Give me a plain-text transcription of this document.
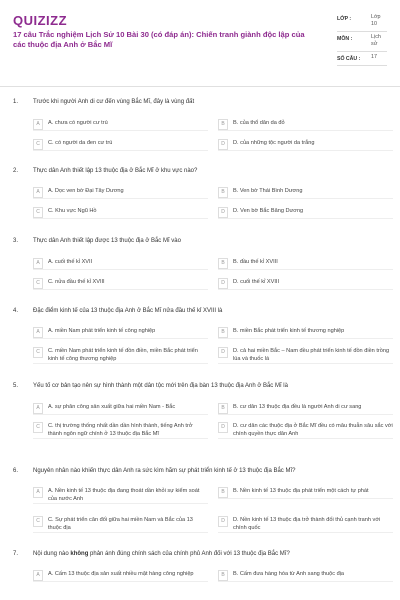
QUIZIZZ
17 câu Trắc nghiệm Lịch Sử 10 Bài 30 (có đáp án): Chiến tranh giành độc lập của các thuộc địa Anh ở Bắc Mĩ
LỚP :	Lớp 10
MÔN :	Lịch sử
SỐ CÂU :	17
1.	Trước khi người Anh di cư đến vùng Bắc Mĩ, đây là vùng đất
A	A. chưa có người cư trú	B	B. của thổ dân da đỏ
C	C. có người da đen cư trú	D	D. của những tộc người da trắng
2.	Thực dân Anh thiết lập 13 thuộc địa ở Bắc Mĩ ở khu vực nào?
A	A. Dọc ven bờ Đại Tây Dương	B	B. Ven bờ Thái Bình Dương
C	C. Khu vực Ngũ Hồ	D	D. Ven bờ Bắc Băng Dương
3.	Thực dân Anh thiết lập được 13 thuộc địa ở Bắc Mĩ vào
A	A. cuối thế kỉ XVII	B	B. đầu thế kỉ XVIII
C	C. nửa đầu thế kỉ XVIII	D	D. cuối thế kỉ XVIII
4.	Đặc điểm kinh tế của 13 thuộc địa Anh ở Bắc Mĩ nửa đầu thế kỉ XVIII là
A	A. miền Nam phát triển kinh tế công nghiệp	B	B. miền Bắc phát triển kinh tế thương nghiệp
C	C. miền Nam phát triển kinh tế đồn điền, miền Bắc phát triển kinh tế công thương nghiệp
D	D. cả hai miền Bắc – Nam đều phát triển kinh tế đồn điền trồng lúa và thuốc lá
5.	Yếu tố cơ bản tạo nên sự hình thành một dân tộc mới trên địa bàn 13 thuộc địa Anh ở Bắc Mĩ là
A	A. sự phân công sản xuất giữa hai miền Nam - Bắc	B	B. cư dân 13 thuộc địa đều là người Anh di cư sang
C	C. thị trường thống nhất dần dần hình thành, tiếng Anh trở thành ngôn ngữ chính ở 13 thuộc địa Bắc Mĩ
D	D. cư dân các thuộc địa ở Bắc Mĩ đều có mâu thuẫn sâu sắc với chính quyền thực dân Anh
6.	Nguyên nhân nào khiến thực dân Anh ra sức kìm hãm sự phát triển kinh tế ở 13 thuộc địa Bắc Mĩ?
A	A. Nền kinh tế 13 thuộc địa đang thoát dần khỏi sự kiểm soát của nước Anh
B	B. Nền kinh tế 13 thuộc địa phát triển một cách tự phát
C	C. Sự phát triển cân đối giữa hai miền Nam và Bắc của 13 thuộc địa
D	D. Nền kinh tế 13 thuộc địa trở thành đối thủ cạnh tranh với chính quốc
7.	Nội dung nào không phản ánh đúng chính sách của chính phủ Anh đối với 13 thuộc địa Bắc Mĩ?
A	A. Cấm 13 thuộc địa sản xuất nhiều mặt hàng công nghiệp	B	B. Cấm đưa hàng hóa từ Anh sang thuộc địa
